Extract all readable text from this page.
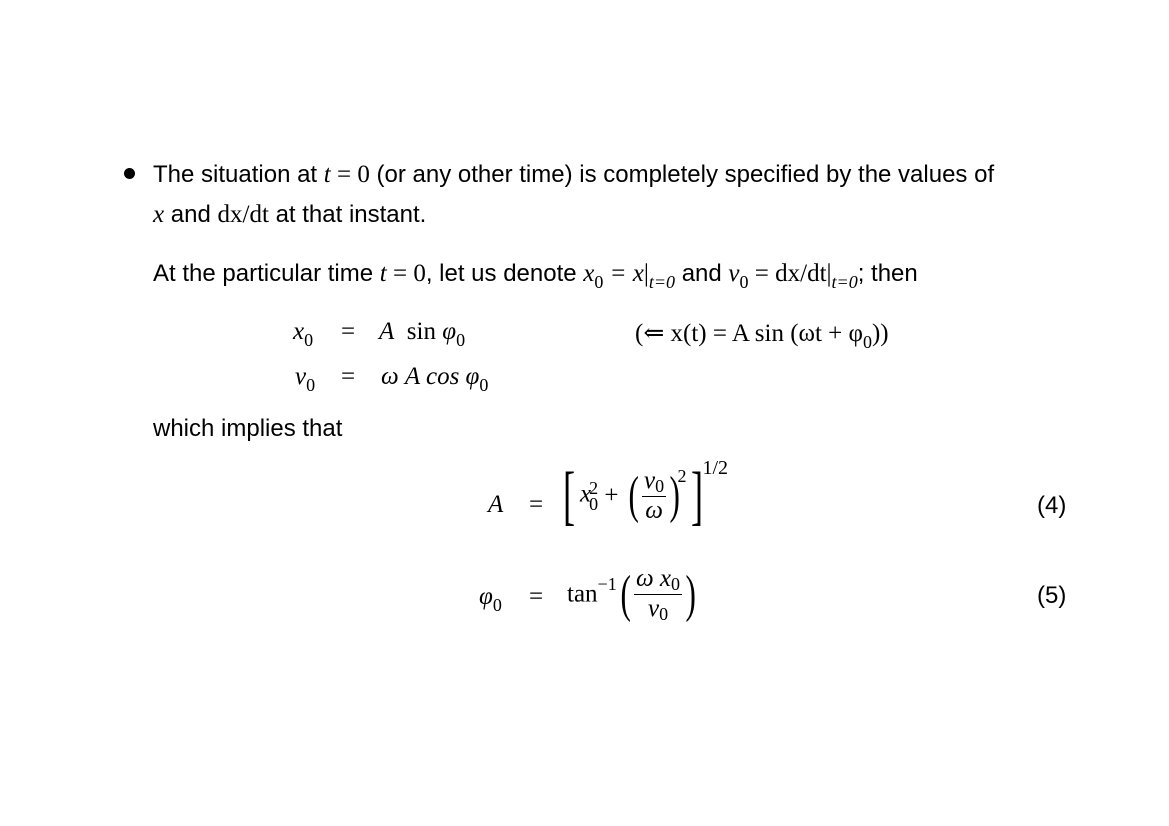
The situation at t = 0 (or any other time) is completely specified by the values of
x and dx/dt at that instant.
At the particular time t = 0, let us denote $x_0 = x|_{t=0}$ and $v_0 = dx/dt|_{t=0}$; then
$x_0 = A$ $\sin \varphi_0$	(⇐ x(t) = A $\sin (\omega t + \varphi_0)$)
$v_0 = \omega$ A $\cos \varphi_0$
which implies that
A = [ x
2
0 + ( $\frac{v0}{\omega} )^2]^{1/2}$
(4)
$\varphi_0 = \tan^{-1}( \frac{\text{ω x0}}{v0}$ )	(5)
